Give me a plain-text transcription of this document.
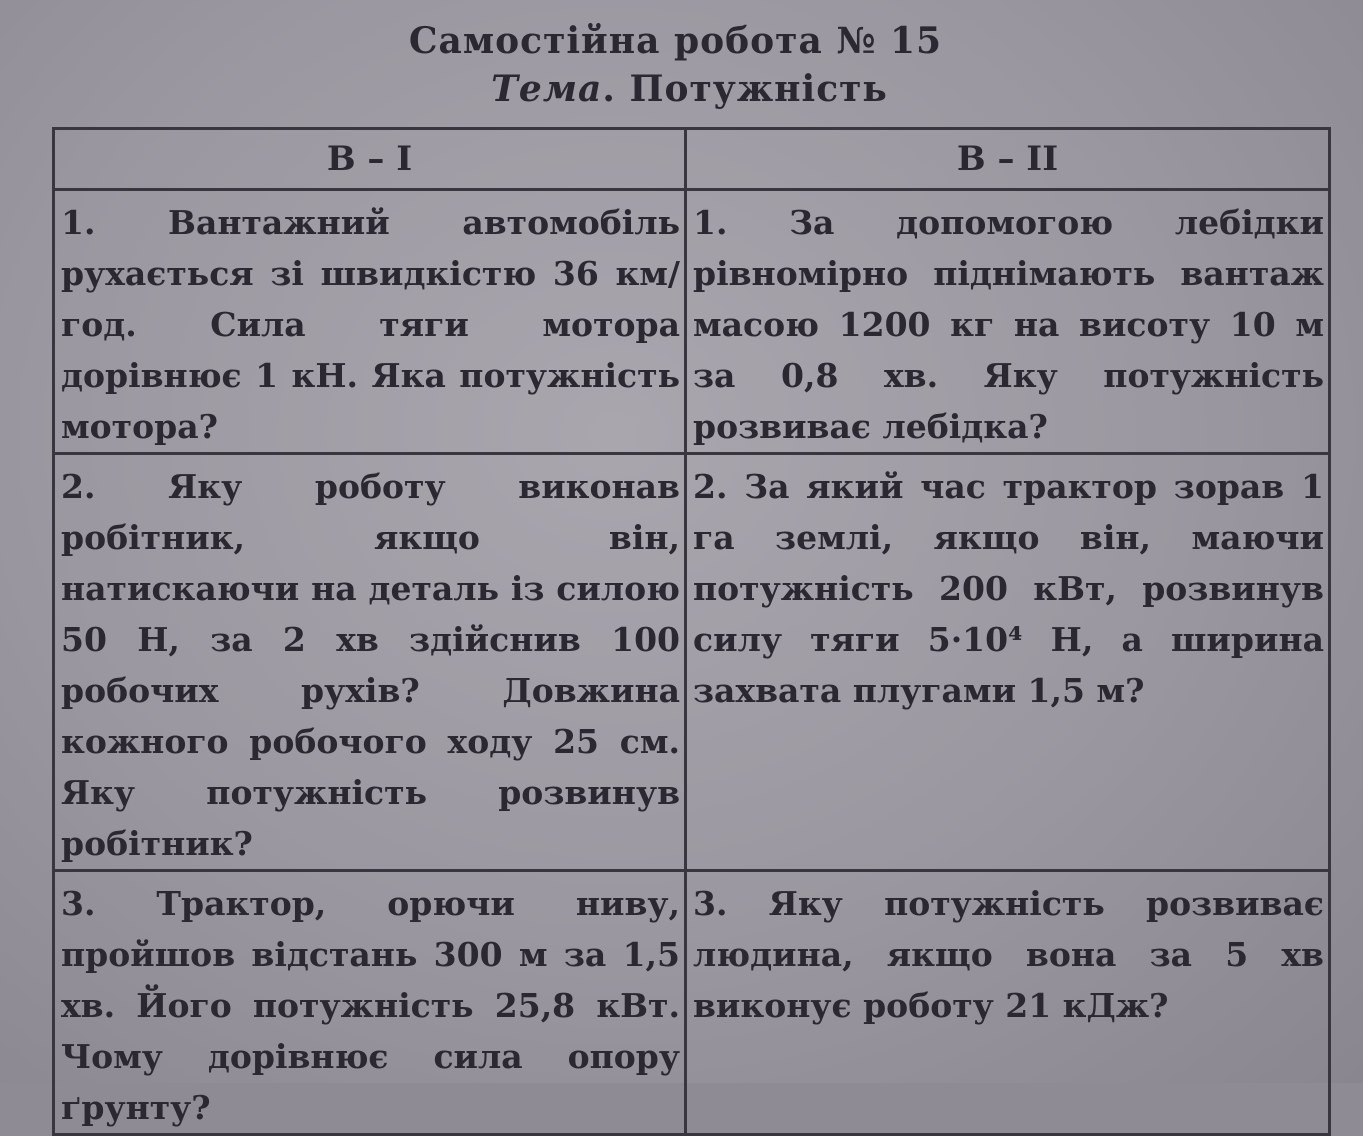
Самостійна робота № 15
Тема. Потужність
В – І	В – ІІ

1. Вантажний автомобіль рухається зі швидкістю 36 км/год. Сила тяги мотора дорівнює 1 кН. Яка потужність мотора?	1. За допомогою лебідки рівномірно піднімають вантаж масою 1200 кг на висоту 10 м за 0,8 хв. Яку потужність розвиває лебідка?

2. Яку роботу виконав робітник, якщо він, натискаючи на деталь із силою 50 Н, за 2 хв здійснив 100 робочих рухів? Довжина кожного робочого ходу 25 см. Яку потужність розвинув робітник?	2. За який час трактор зорав 1 га землі, якщо він, маючи потужність 200 кВт, розвинув силу тяги 5·10⁴ Н, а ширина захвата плугами 1,5 м?

3. Трактор, орючи ниву, пройшов відстань 300 м за 1,5 хв. Його потужність 25,8 кВт. Чому дорівнює сила опору ґрунту?	3. Яку потужність розвиває людина, якщо вона за 5 хв виконує роботу 21 кДж?
